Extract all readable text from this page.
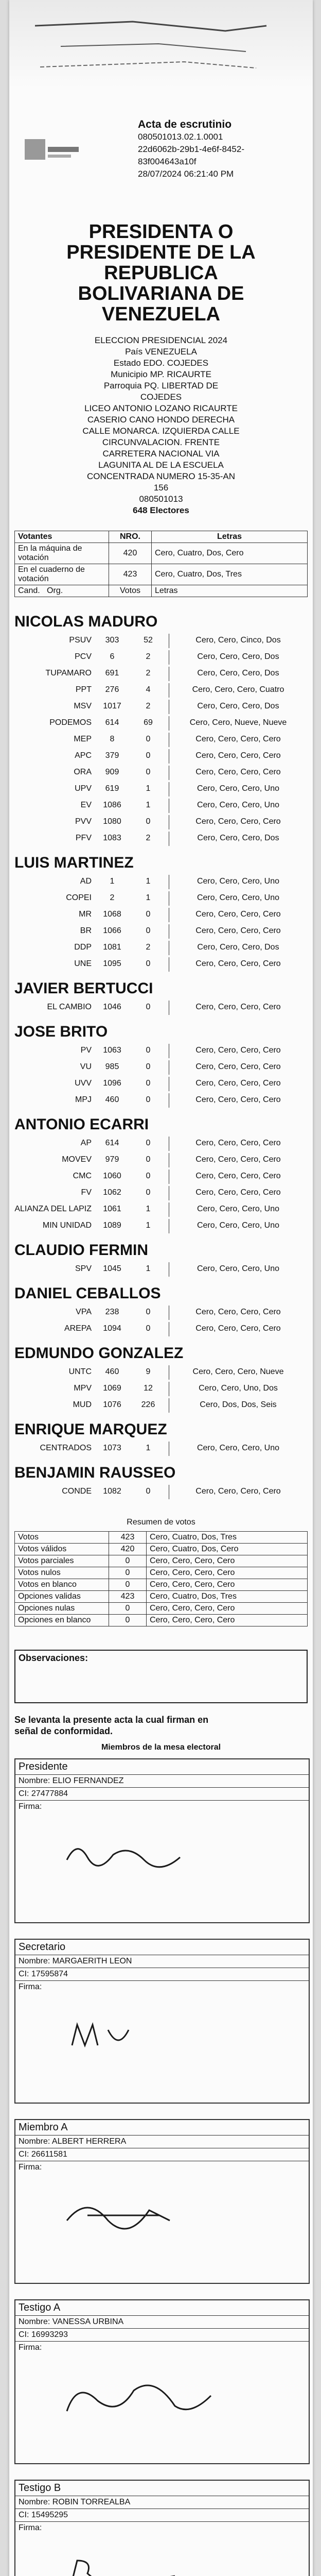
Acta de escrutinio
080501013.02.1.0001
22d6062b-29b1-4e6f-8452-
83f004643a10f
28/07/2024 06:21:40 PM
PRESIDENTA O
PRESIDENTE DE LA
REPUBLICA
BOLIVARIANA DE
VENEZUELA
ELECCION PRESIDENCIAL 2024
País VENEZUELA
Estado EDO. COJEDES
Municipio MP. RICAURTE
Parroquia PQ. LIBERTAD DE
COJEDES
LICEO ANTONIO LOZANO RICAURTE
CASERIO CANO HONDO DERECHA
CALLE MONARCA. IZQUIERDA CALLE
CIRCUNVALACION. FRENTE
CARRETERA NACIONAL VIA
LAGUNITA AL DE LA ESCUELA
CONCENTRADA NUMERO 15-35-AN
156
080501013
648 Electores
Votantes	NRO.	Letras
En la máquina de votación	420	Cero, Cuatro, Dos, Cero
En el cuaderno de votación	423	Cero, Cuatro, Dos, Tres
Cand. Org.	Votos	Letras
NICOLAS MADURO
PSUV	303	52	Cero, Cero, Cinco, Dos
PCV	6	2	Cero, Cero, Cero, Dos
TUPAMARO	691	2	Cero, Cero, Cero, Dos
PPT	276	4	Cero, Cero, Cero, Cuatro
MSV	1017	2	Cero, Cero, Cero, Dos
PODEMOS	614	69	Cero, Cero, Nueve, Nueve
MEP	8	0	Cero, Cero, Cero, Cero
APC	379	0	Cero, Cero, Cero, Cero
ORA	909	0	Cero, Cero, Cero, Cero
UPV	619	1	Cero, Cero, Cero, Uno
EV	1086	1	Cero, Cero, Cero, Uno
PVV	1080	0	Cero, Cero, Cero, Cero
PFV	1083	2	Cero, Cero, Cero, Dos
LUIS MARTINEZ
AD	1	1	Cero, Cero, Cero, Uno
COPEI	2	1	Cero, Cero, Cero, Uno
MR	1068	0	Cero, Cero, Cero, Cero
BR	1066	0	Cero, Cero, Cero, Cero
DDP	1081	2	Cero, Cero, Cero, Dos
UNE	1095	0	Cero, Cero, Cero, Cero
JAVIER BERTUCCI
EL CAMBIO	1046	0	Cero, Cero, Cero, Cero
JOSE BRITO
PV	1063	0	Cero, Cero, Cero, Cero
VU	985	0	Cero, Cero, Cero, Cero
UVV	1096	0	Cero, Cero, Cero, Cero
MPJ	460	0	Cero, Cero, Cero, Cero
ANTONIO ECARRI
AP	614	0	Cero, Cero, Cero, Cero
MOVEV	979	0	Cero, Cero, Cero, Cero
CMC	1060	0	Cero, Cero, Cero, Cero
FV	1062	0	Cero, Cero, Cero, Cero
ALIANZA DEL LAPIZ	1061	1	Cero, Cero, Cero, Uno
MIN UNIDAD	1089	1	Cero, Cero, Cero, Uno
CLAUDIO FERMIN
SPV	1045	1	Cero, Cero, Cero, Uno
DANIEL CEBALLOS
VPA	238	0	Cero, Cero, Cero, Cero
AREPA	1094	0	Cero, Cero, Cero, Cero
EDMUNDO GONZALEZ
UNTC	460	9	Cero, Cero, Cero, Nueve
MPV	1069	12	Cero, Cero, Uno, Dos
MUD	1076	226	Cero, Dos, Dos, Seis
ENRIQUE MARQUEZ
CENTRADOS	1073	1	Cero, Cero, Cero, Uno
BENJAMIN RAUSSEO
CONDE	1082	0	Cero, Cero, Cero, Cero
Resumen de votos
Votos	423	Cero, Cuatro, Dos, Tres
Votos válidos	420	Cero, Cuatro, Dos, Cero
Votos parciales	0	Cero, Cero, Cero, Cero
Votos nulos	0	Cero, Cero, Cero, Cero
Votos en blanco	0	Cero, Cero, Cero, Cero
Opciones validas	423	Cero, Cuatro, Dos, Tres
Opciones nulas	0	Cero, Cero, Cero, Cero
Opciones en blanco	0	Cero, Cero, Cero, Cero
Observaciones:
Se levanta la presente acta la cual firman en
señal de conformidad.
Miembros de la mesa electoral
Presidente
Nombre: ELIO FERNANDEZ
CI: 27477884
Firma:
Secretario
Nombre: MARGAERITH LEON
CI: 17595874
Firma:
Miembro A
Nombre: ALBERT HERRERA
CI: 26611581
Firma:
Testigo A
Nombre: VANESSA URBINA
CI: 16993293
Firma:
Testigo B
Nombre: ROBIN TORREALBA
CI: 15495295
Firma:
